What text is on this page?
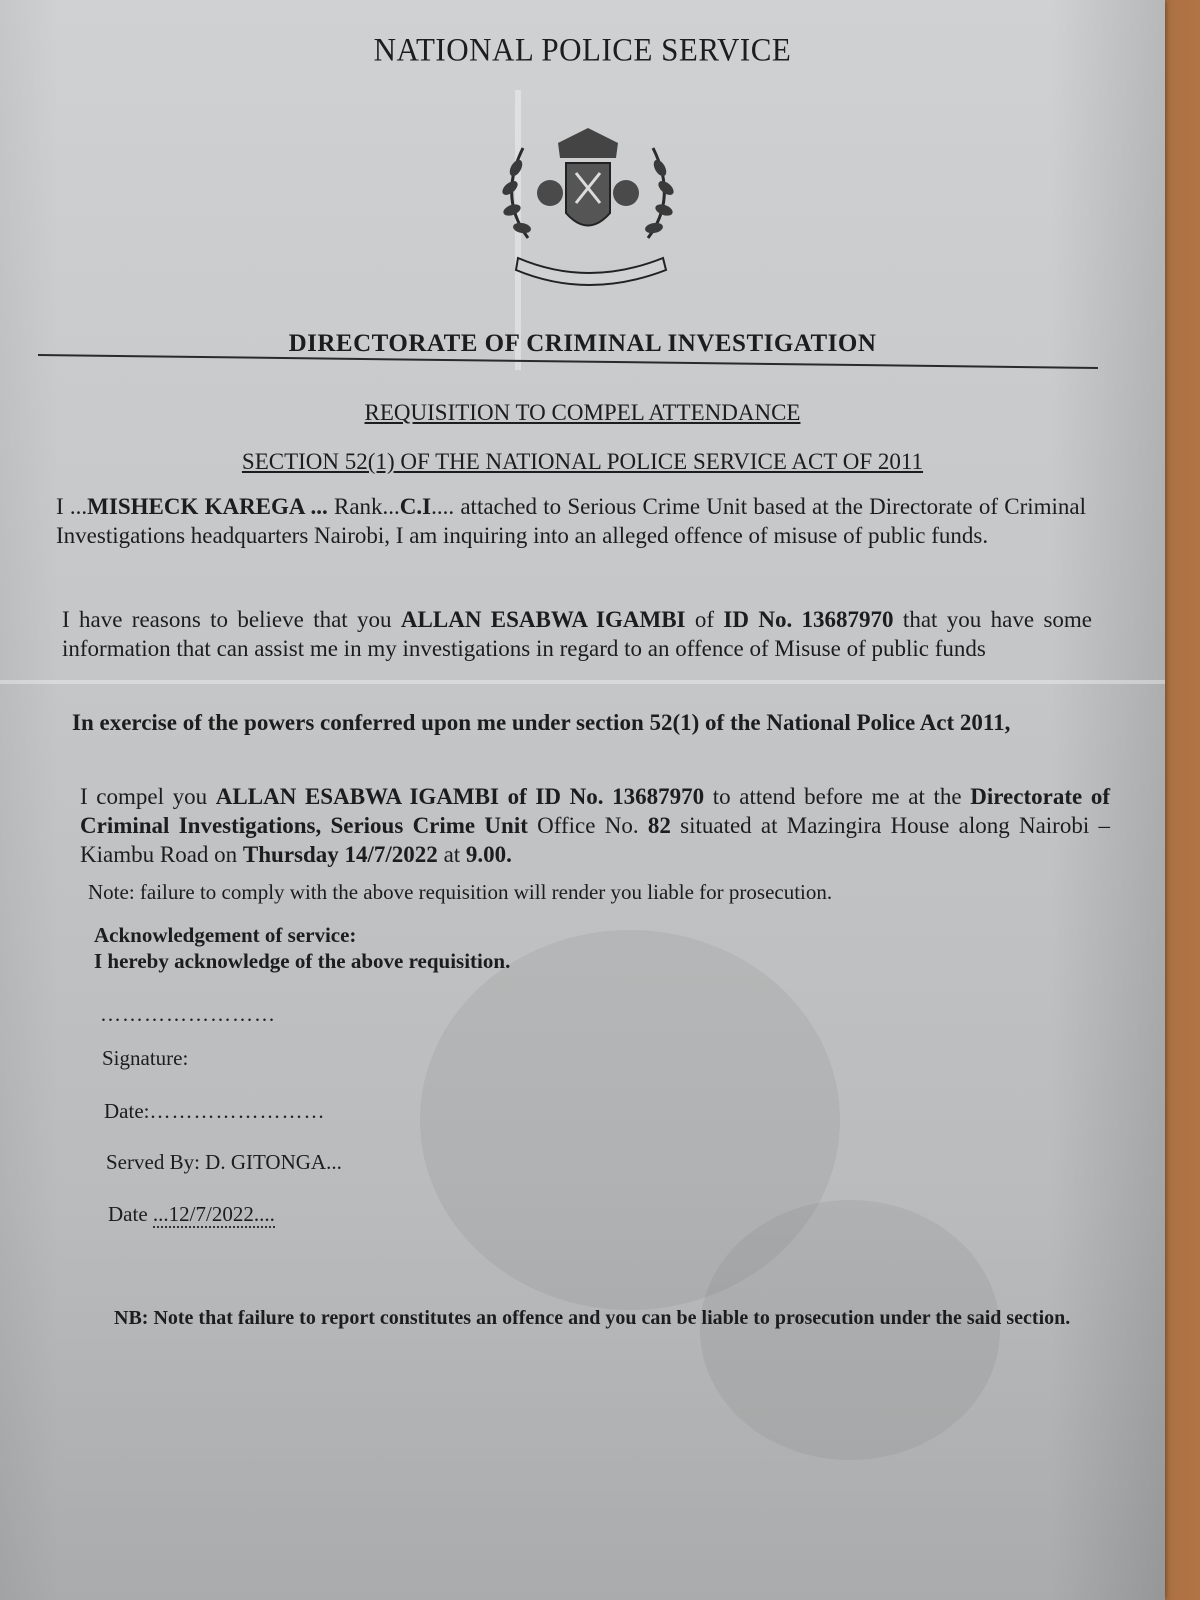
NATIONAL POLICE SERVICE
DIRECTORATE OF CRIMINAL INVESTIGATION
REQUISITION TO COMPEL ATTENDANCE
SECTION 52(1) OF THE NATIONAL POLICE SERVICE ACT OF 2011
I ...MISHECK KAREGA ... Rank...C.I.... attached to Serious Crime Unit based at the Directorate of Criminal Investigations headquarters Nairobi, I am inquiring into an alleged offence of misuse of public funds.
I have reasons to believe that you ALLAN ESABWA IGAMBI of ID No. 13687970 that you have some information that can assist me in my investigations in regard to an offence of Misuse of public funds
In exercise of the powers conferred upon me under section 52(1) of the National Police Act 2011,
I compel you ALLAN ESABWA IGAMBI of ID No. 13687970 to attend before me at the Directorate of Criminal Investigations, Serious Crime Unit Office No. 82 situated at Mazingira House along Nairobi – Kiambu Road on Thursday 14/7/2022 at 9.00.
Note: failure to comply with the above requisition will render you liable for prosecution.
Acknowledgement of service:
I hereby acknowledge of the above requisition.
……………………
Signature:
Date:……………………
Served By: D. GITONGA...
Date ...12/7/2022....
NB: Note that failure to report constitutes an offence and you can be liable to prosecution under the said section.
